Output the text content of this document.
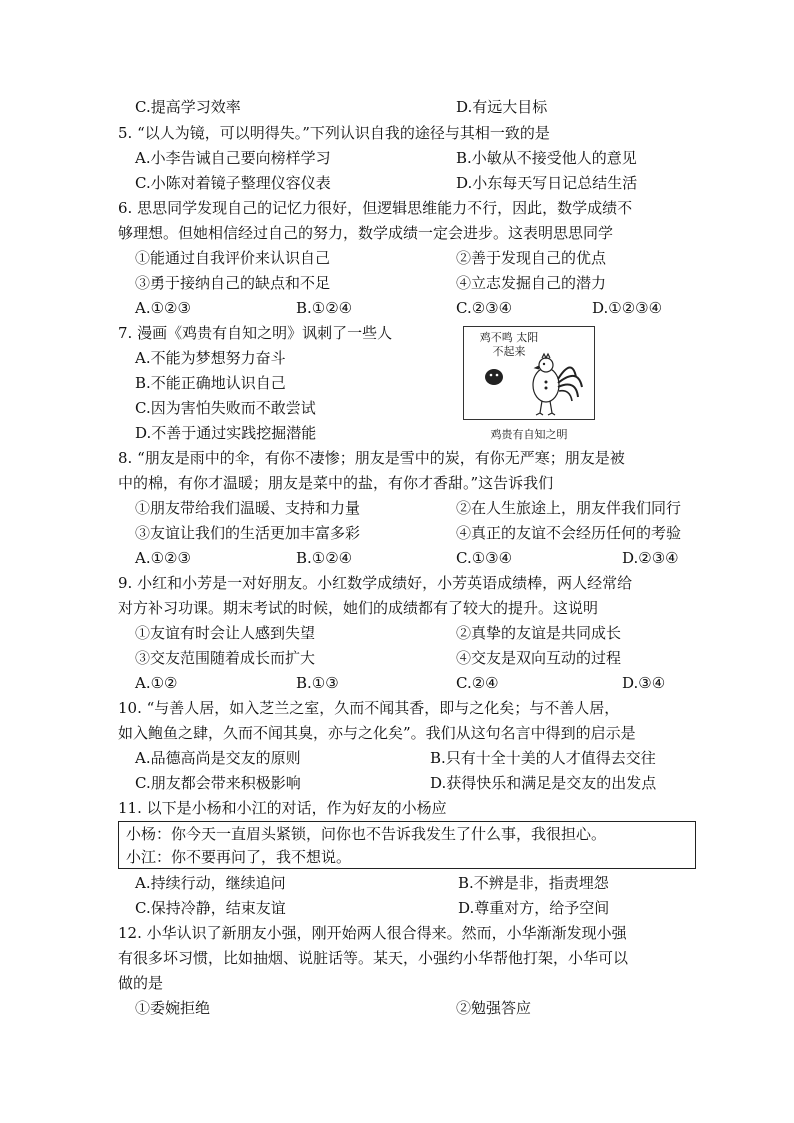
C.提高学习效率	D.有远大目标
5. “以人为镜，可以明得失。”下列认识自我的途径与其相一致的是
A.小李告诫自己要向榜样学习	B.小敏从不接受他人的意见
C.小陈对着镜子整理仪容仪表	D.小东每天写日记总结生活
6. 思思同学发现自己的记忆力很好，但逻辑思维能力不行，因此，数学成绩不
够理想。但她相信经过自己的努力，数学成绩一定会进步。这表明思思同学
①能通过自我评价来认识自己	②善于发现自己的优点
③勇于接纳自己的缺点和不足	④立志发掘自己的潜力
A.①②③	B.①②④	C.②③④	D.①②③④
7. 漫画《鸡贵有自知之明》讽刺了一些人
A.不能为梦想努力奋斗
B.不能正确地认识自己
C.因为害怕失败而不敢尝试
D.不善于通过实践挖掘潜能
鸡不鸣 太阳不起来
鸡贵有自知之明
8. “朋友是雨中的伞，有你不凄惨；朋友是雪中的炭，有你无严寒；朋友是被
中的棉，有你才温暖；朋友是菜中的盐，有你才香甜。”这告诉我们
①朋友带给我们温暖、支持和力量	②在人生旅途上，朋友伴我们同行
③友谊让我们的生活更加丰富多彩	④真正的友谊不会经历任何的考验
A.①②③	B.①②④	C.①③④	D.②③④
9. 小红和小芳是一对好朋友。小红数学成绩好，小芳英语成绩棒，两人经常给
对方补习功课。期末考试的时候，她们的成绩都有了较大的提升。这说明
①友谊有时会让人感到失望	②真挚的友谊是共同成长
③交友范围随着成长而扩大	④交友是双向互动的过程
A.①②	B.①③	C.②④	D.③④
10. “与善人居，如入芝兰之室，久而不闻其香，即与之化矣；与不善人居，
如入鲍鱼之肆，久而不闻其臭，亦与之化矣”。我们从这句名言中得到的启示是
A.品德高尚是交友的原则	B.只有十全十美的人才值得去交往
C.朋友都会带来积极影响	D.获得快乐和满足是交友的出发点
11. 以下是小杨和小江的对话，作为好友的小杨应
小杨：你今天一直眉头紧锁，问你也不告诉我发生了什么事，我很担心。
小江：你不要再问了，我不想说。
A.持续行动，继续追问	B.不辨是非，指责埋怨
C.保持冷静，结束友谊	D.尊重对方，给予空间
12. 小华认识了新朋友小强，刚开始两人很合得来。然而，小华渐渐发现小强
有很多坏习惯，比如抽烟、说脏话等。某天，小强约小华帮他打架，小华可以
做的是
①委婉拒绝	②勉强答应
